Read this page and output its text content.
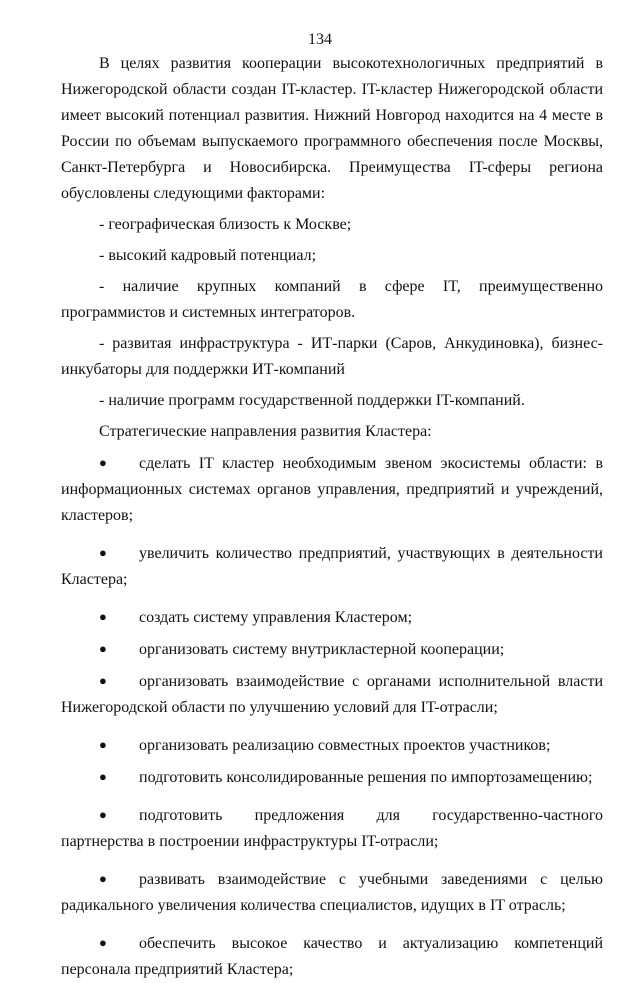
134

В целях развития кооперации высокотехнологичных предприятий в Нижегородской области создан IT-кластер. IT-кластер Нижегородской области имеет высокий потенциал развития. Нижний Новгород находится на 4 месте в России по объемам выпускаемого программного обеспечения после Москвы, Санкт-Петербурга и Новосибирска. Преимущества IT-сферы региона обусловлены следующими факторами:

- географическая близость к Москве;

- высокий кадровый потенциал;

- наличие крупных компаний в сфере IT, преимущественно программистов и системных интеграторов.

- развитая инфраструктура - ИТ-парки (Саров, Анкудиновка), бизнес-инкубаторы для поддержки ИТ-компаний

- наличие программ государственной поддержки IT-компаний.

Стратегические направления развития Кластера:

● сделать IT кластер необходимым звеном экосистемы области: в информационных системах органов управления, предприятий и учреждений, кластеров;

● увеличить количество предприятий, участвующих в деятельности Кластера;

● создать систему управления Кластером;

● организовать систему внутрикластерной кооперации;

● организовать взаимодействие с органами исполнительной власти Нижегородской области по улучшению условий для IT-отрасли;

● организовать реализацию совместных проектов участников;

● подготовить консолидированные решения по импортозамещению;

● подготовить предложения для государственно-частного партнерства в построении инфраструктуры IT-отрасли;

● развивать взаимодействие с учебными заведениями с целью радикального увеличения количества специалистов, идущих в IT отрасль;

● обеспечить высокое качество и актуализацию компетенций персонала предприятий Кластера;
